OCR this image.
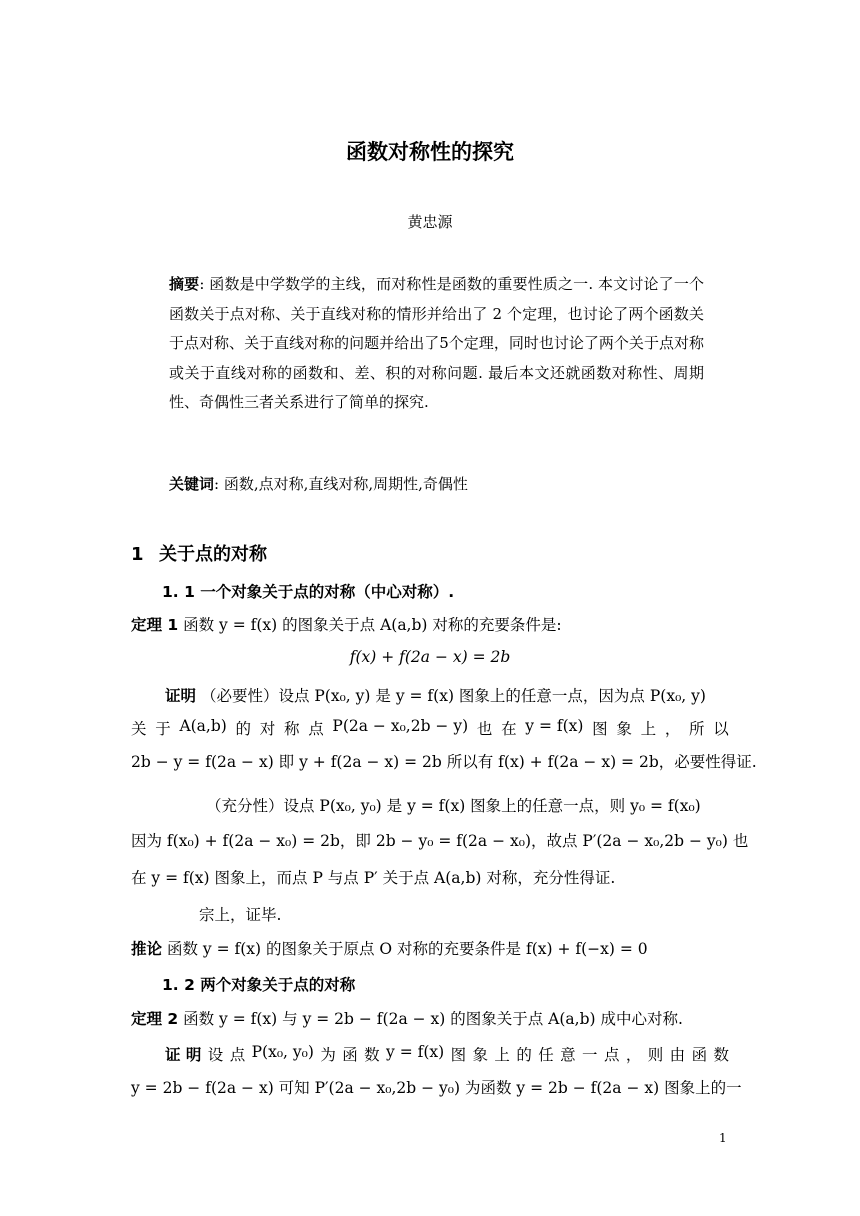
函数对称性的探究
黄忠源
摘要: 函数是中学数学的主线，而对称性是函数的重要性质之一. 本文讨论了一个函数关于点对称、关于直线对称的情形并给出了 2 个定理，也讨论了两个函数关于点对称、关于直线对称的问题并给出了5个定理，同时也讨论了两个关于点对称或关于直线对称的函数和、差、积的对称问题. 最后本文还就函数对称性、周期性、奇偶性三者关系进行了简单的探究.
关键词: 函数,点对称,直线对称,周期性,奇偶性
1 关于点的对称
1. 1 一个对象关于点的对称（中心对称）.
定理 1 函数 y = f(x) 的图象关于点 A(a,b) 对称的充要条件是:
f(x) + f(2a − x) = 2b
证明 （必要性）设点 P(x₀, y) 是 y = f(x) 图象上的任意一点，因为点 P(x₀, y)
关 于 A(a,b) 的 对 称 点 P(2a − x₀,2b − y) 也 在 y = f(x) 图 象 上 ， 所 以
2b − y = f(2a − x) 即 y + f(2a − x) = 2b 所以有 f(x) + f(2a − x) = 2b，必要性得证.
（充分性）设点 P(x₀, y₀) 是 y = f(x) 图象上的任意一点，则 y₀ = f(x₀)
因为 f(x₀) + f(2a − x₀) = 2b，即 2b − y₀ = f(2a − x₀)，故点 P′(2a − x₀,2b − y₀) 也
在 y = f(x) 图象上，而点 P 与点 P′ 关于点 A(a,b) 对称，充分性得证.
宗上，证毕.
推论 函数 y = f(x) 的图象关于原点 O 对称的充要条件是 f(x) + f(−x) = 0
1. 2 两个对象关于点的对称
定理 2 函数 y = f(x) 与 y = 2b − f(2a − x) 的图象关于点 A(a,b) 成中心对称.
证 明 设 点 P(x₀, y₀) 为 函 数 y = f(x) 图 象 上 的 任 意 一 点 ， 则 由 函 数
y = 2b − f(2a − x) 可知 P′(2a − x₀,2b − y₀) 为函数 y = 2b − f(2a − x) 图象上的一
1
